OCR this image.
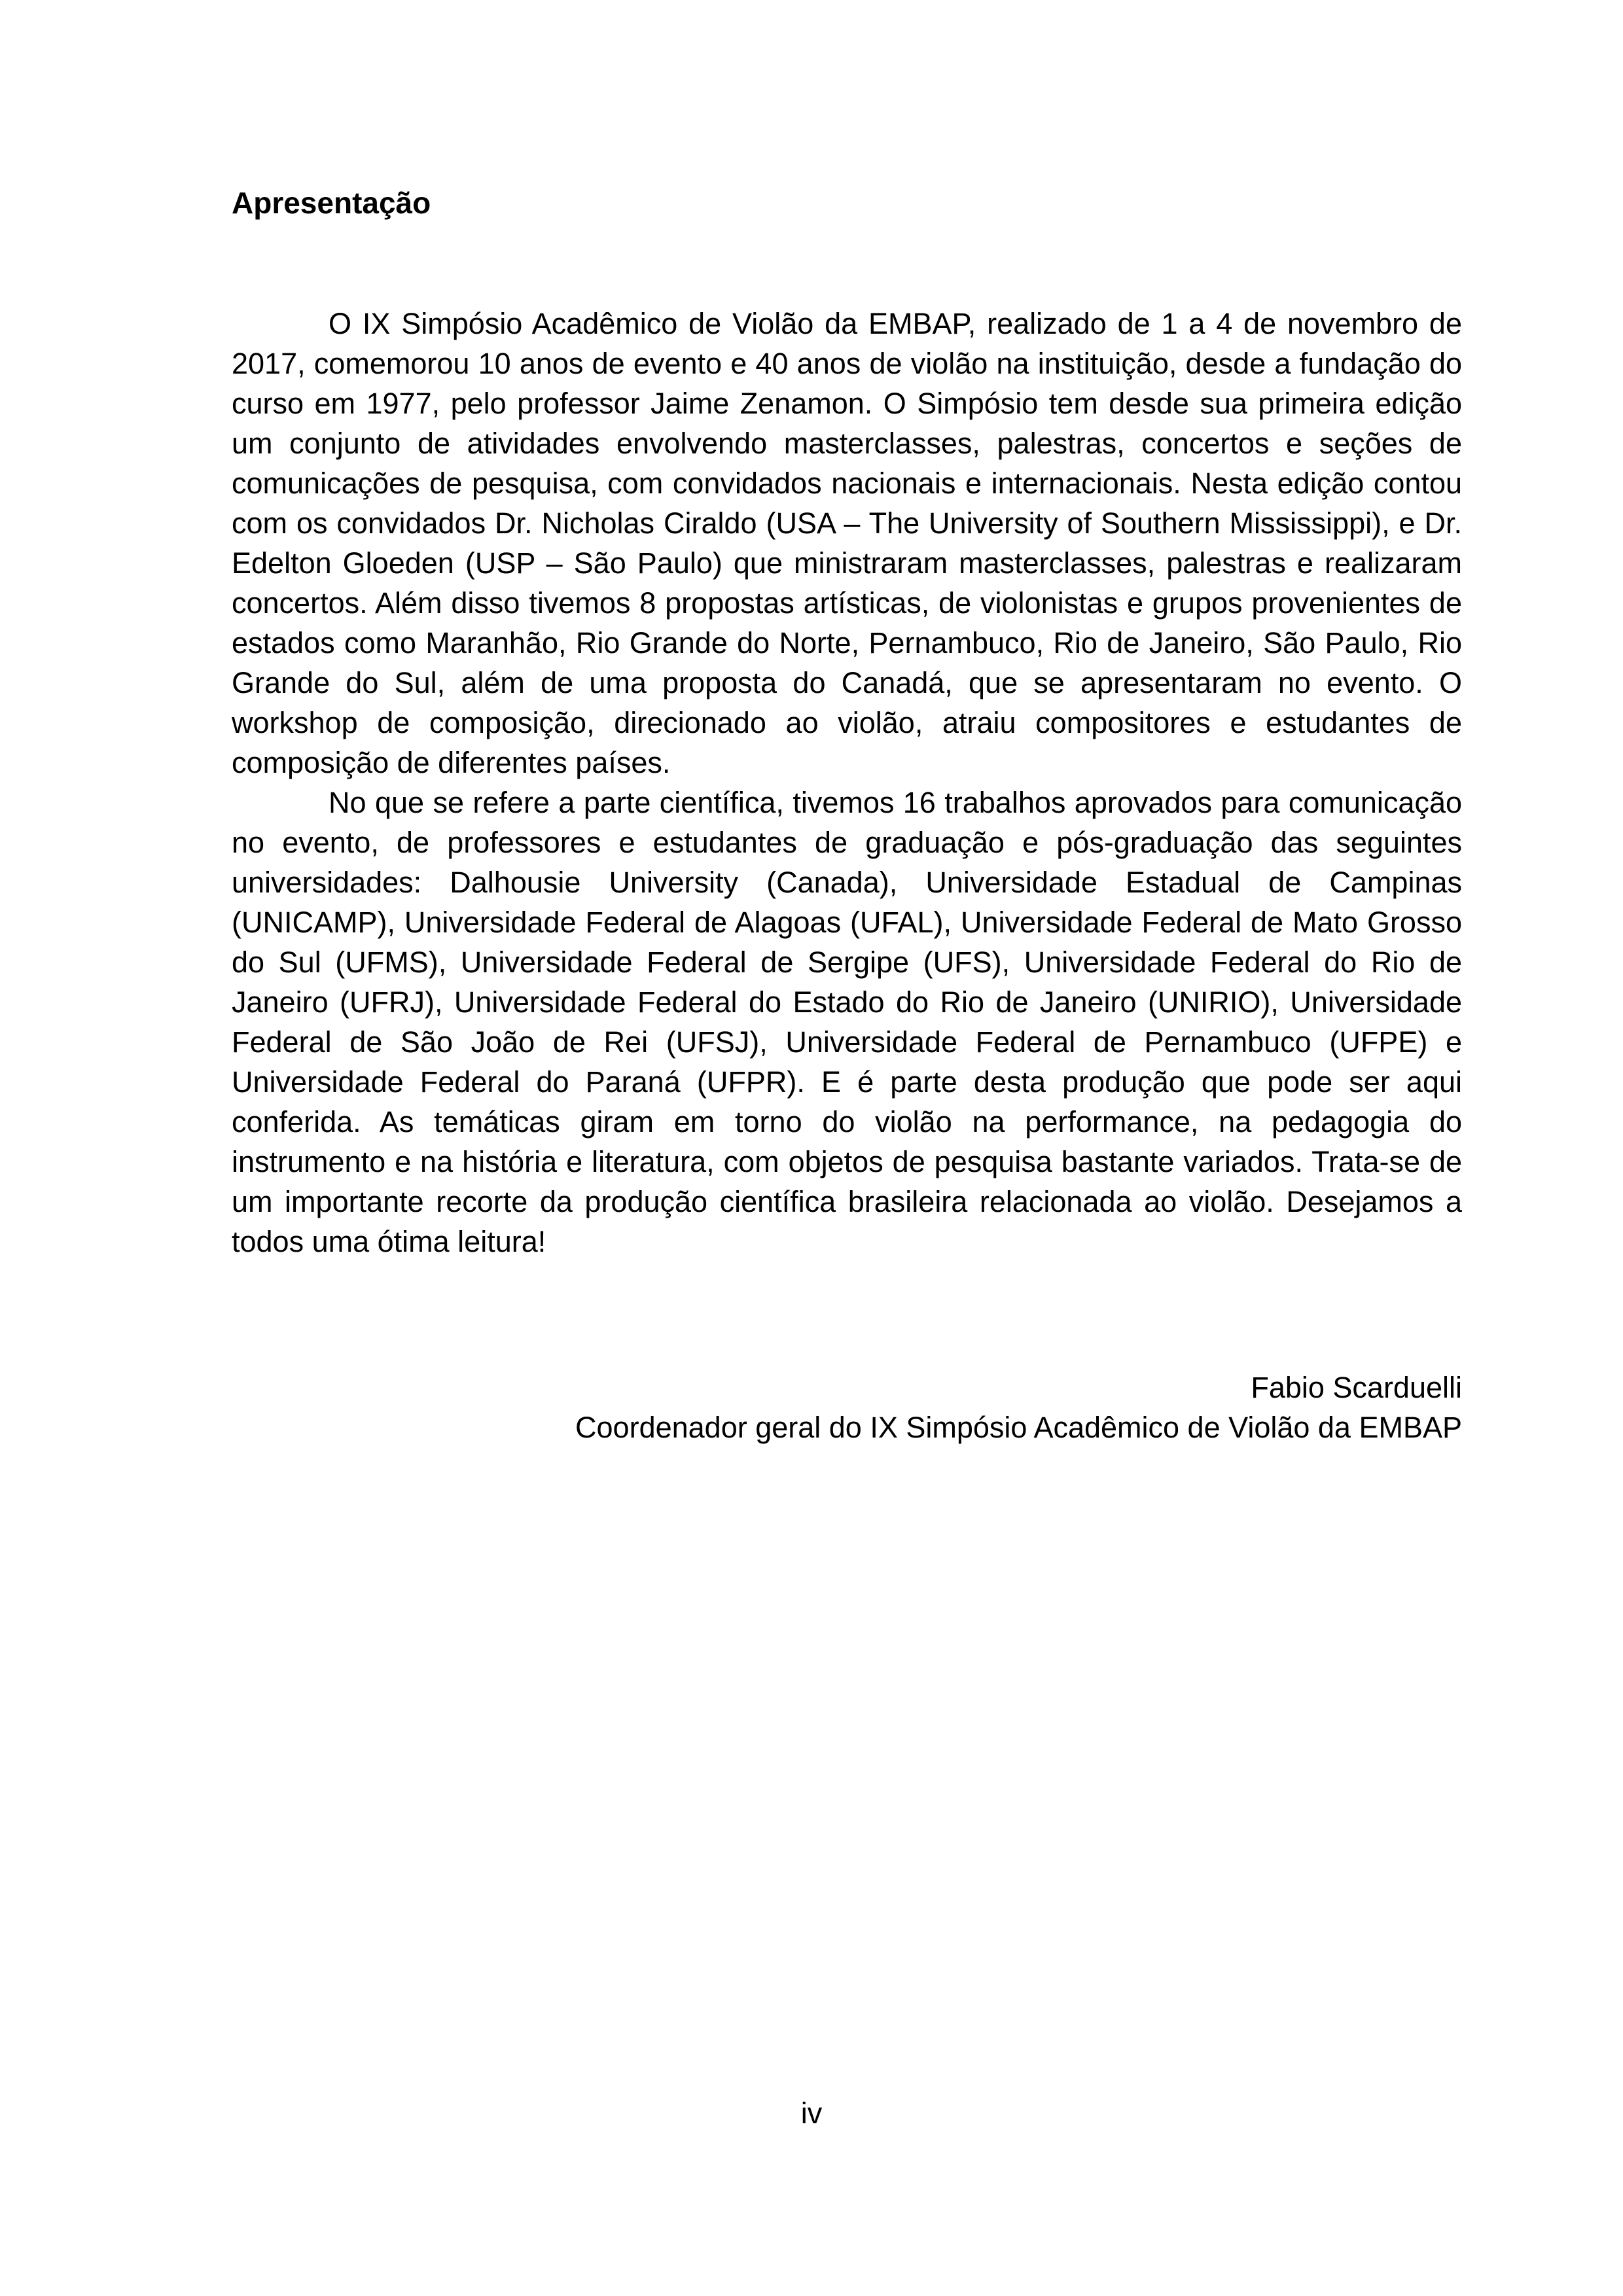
Apresentação

O IX Simpósio Acadêmico de Violão da EMBAP, realizado de 1 a 4 de novembro de 2017, comemorou 10 anos de evento e 40 anos de violão na instituição, desde a fundação do curso em 1977, pelo professor Jaime Zenamon. O Simpósio tem desde sua primeira edição um conjunto de atividades envolvendo masterclasses, palestras, concertos e seções de comunicações de pesquisa, com convidados nacionais e internacionais. Nesta edição contou com os convidados Dr. Nicholas Ciraldo (USA – The University of Southern Mississippi), e Dr. Edelton Gloeden (USP – São Paulo) que ministraram masterclasses, palestras e realizaram concertos. Além disso tivemos 8 propostas artísticas, de violonistas e grupos provenientes de estados como Maranhão, Rio Grande do Norte, Pernambuco, Rio de Janeiro, São Paulo, Rio Grande do Sul, além de uma proposta do Canadá, que se apresentaram no evento. O workshop de composição, direcionado ao violão, atraiu compositores e estudantes de composição de diferentes países.

No que se refere a parte científica, tivemos 16 trabalhos aprovados para comunicação no evento, de professores e estudantes de graduação e pós-graduação das seguintes universidades: Dalhousie University (Canada), Universidade Estadual de Campinas (UNICAMP), Universidade Federal de Alagoas (UFAL), Universidade Federal de Mato Grosso do Sul (UFMS), Universidade Federal de Sergipe (UFS), Universidade Federal do Rio de Janeiro (UFRJ), Universidade Federal do Estado do Rio de Janeiro (UNIRIO), Universidade Federal de São João de Rei (UFSJ), Universidade Federal de Pernambuco (UFPE) e Universidade Federal do Paraná (UFPR). E é parte desta produção que pode ser aqui conferida. As temáticas giram em torno do violão na performance, na pedagogia do instrumento e na história e literatura, com objetos de pesquisa bastante variados. Trata-se de um importante recorte da produção científica brasileira relacionada ao violão. Desejamos a todos uma ótima leitura!

Fabio Scarduelli
Coordenador geral do IX Simpósio Acadêmico de Violão da EMBAP
iv
